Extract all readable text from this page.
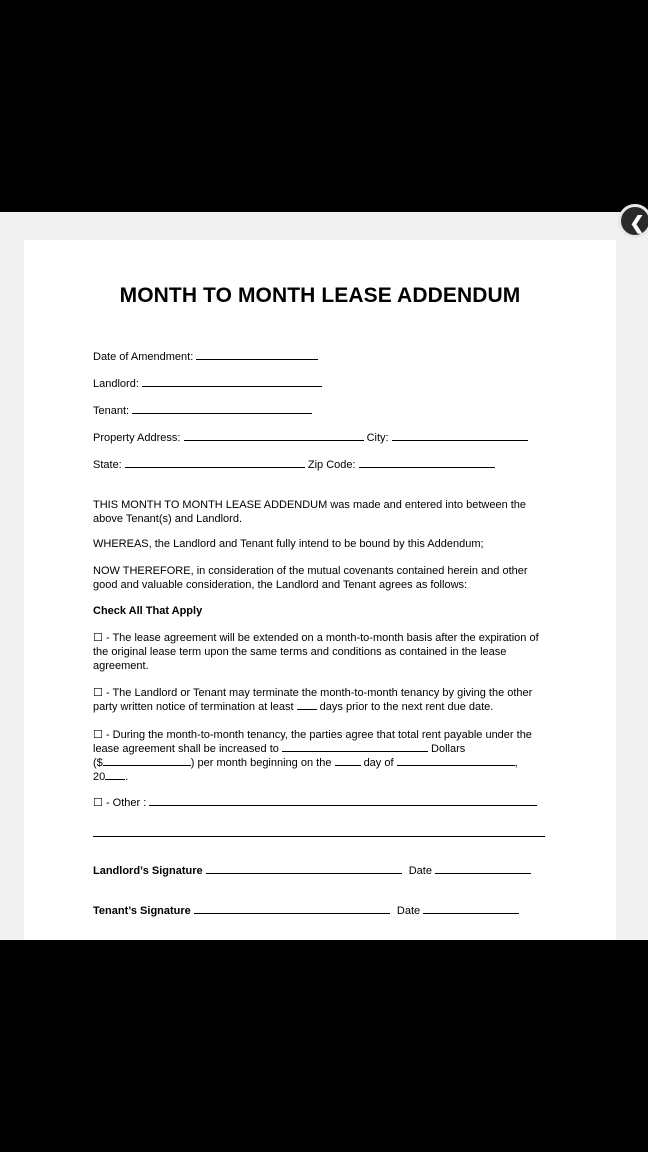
❮
MONTH TO MONTH LEASE ADDENDUM
Date of Amendment:
Landlord:
Tenant:
Property Address:	City:
State:	Zip Code:
THIS MONTH TO MONTH LEASE ADDENDUM was made and entered into between the above Tenant(s) and Landlord.
WHEREAS, the Landlord and Tenant fully intend to be bound by this Addendum;
NOW THEREFORE, in consideration of the mutual covenants contained herein and other good and valuable consideration, the Landlord and Tenant agrees as follows:
Check All That Apply
☐ - The lease agreement will be extended on a month-to-month basis after the expiration of the original lease term upon the same terms and conditions as contained in the lease agreement.
☐ - The Landlord or Tenant may terminate the month-to-month tenancy by giving the other party written notice of termination at least days prior to the next rent due date.
☐ - During the month-to-month tenancy, the parties agree that total rent payable under the lease agreement shall be increased to	Dollars
($	) per month beginning on the	day of	,
20 .
☐ - Other :
Landlord’s Signature	Date
Tenant’s Signature	Date
